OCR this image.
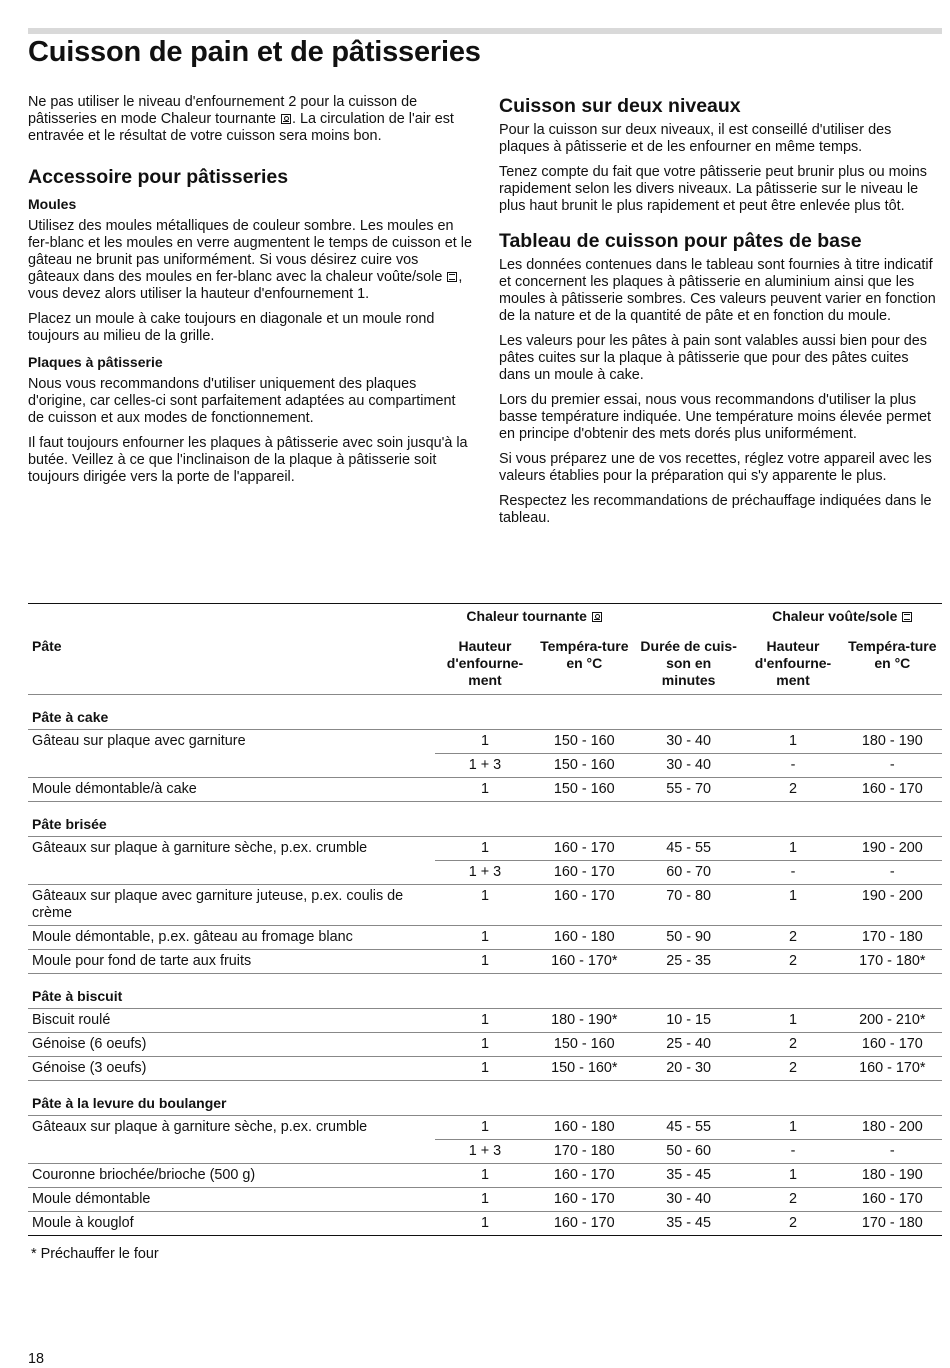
Cuisson de pain et de pâtisseries

Ne pas utiliser le niveau d'enfournement 2 pour la cuisson de pâtisseries en mode Chaleur tournante . La circulation de l'air est entravée et le résultat de votre cuisson sera moins bon.

Accessoire pour pâtisseries
Moules

Utilisez des moules métalliques de couleur sombre. Les moules en fer-blanc et les moules en verre augmentent le temps de cuisson et le gâteau ne brunit pas uniformément. Si vous désirez cuire vos gâteaux dans des moules en fer-blanc avec la chaleur voûte/sole , vous devez alors utiliser la hauteur d'enfournement 1.

Placez un moule à cake toujours en diagonale et un moule rond toujours au milieu de la grille.

Plaques à pâtisserie

Nous vous recommandons d'utiliser uniquement des plaques d'origine, car celles-ci sont parfaitement adaptées au compartiment de cuisson et aux modes de fonctionnement.

Il faut toujours enfourner les plaques à pâtisserie avec soin jusqu'à la butée. Veillez à ce que l'inclinaison de la plaque à pâtisserie soit toujours dirigée vers la porte de l'appareil.

Cuisson sur deux niveaux

Pour la cuisson sur deux niveaux, il est conseillé d'utiliser des plaques à pâtisserie et de les enfourner en même temps.

Tenez compte du fait que votre pâtisserie peut brunir plus ou moins rapidement selon les divers niveaux. La pâtisserie sur le niveau le plus haut brunit le plus rapidement et peut être enlevée plus tôt.

Tableau de cuisson pour pâtes de base

Les données contenues dans le tableau sont fournies à titre indicatif et concernent les plaques à pâtisserie en aluminium ainsi que les moules à pâtisserie sombres. Ces valeurs peuvent varier en fonction de la nature et de la quantité de pâte et en fonction du moule.

Les valeurs pour les pâtes à pain sont valables aussi bien pour des pâtes cuites sur la plaque à pâtisserie que pour des pâtes cuites dans un moule à cake.

Lors du premier essai, nous vous recommandons d'utiliser la plus basse température indiquée. Une température moins élevée permet en principe d'obtenir des mets dorés plus uniformément.

Si vous préparez une de vos recettes, réglez votre appareil avec les valeurs établies pour la préparation qui s'y apparente le plus.

Respectez les recommandations de préchauffage indiquées dans le tableau.

	Chaleur tournante			Chaleur voûte/sole	
Pâte	Hauteur d'enfourne-ment	Tempéra-ture en °C	Durée de cuis-son en minutes	Hauteur d'enfourne-ment	Tempéra-ture en °C
Pâte à cake					
Gâteau sur plaque avec garniture	1	150 - 160	30 - 40	1	180 - 190
	1 + 3	150 - 160	30 - 40	-	-
Moule démontable/à cake	1	150 - 160	55 - 70	2	160 - 170
Pâte brisée					
Gâteaux sur plaque à garniture sèche, p.ex. crumble	1	160 - 170	45 - 55	1	190 - 200
	1 + 3	160 - 170	60 - 70	-	-
Gâteaux sur plaque avec garniture juteuse, p.ex. coulis de crème	1	160 - 170	70 - 80	1	190 - 200
Moule démontable, p.ex. gâteau au fromage blanc	1	160 - 180	50 - 90	2	170 - 180
Moule pour fond de tarte aux fruits	1	160 - 170*	25 - 35	2	170 - 180*
Pâte à biscuit					
Biscuit roulé	1	180 - 190*	10 - 15	1	200 - 210*
Génoise (6 oeufs)	1	150 - 160	25 - 40	2	160 - 170
Génoise (3 oeufs)	1	150 - 160*	20 - 30	2	160 - 170*
Pâte à la levure du boulanger					
Gâteaux sur plaque à garniture sèche, p.ex. crumble	1	160 - 180	45 - 55	1	180 - 200
	1 + 3	170 - 180	50 - 60	-	-
Couronne briochée/brioche (500 g)	1	160 - 170	35 - 45	1	180 - 190
Moule démontable	1	160 - 170	30 - 40	2	160 - 170
Moule à kouglof	1	160 - 170	35 - 45	2	170 - 180
* Préchauffer le four
18
